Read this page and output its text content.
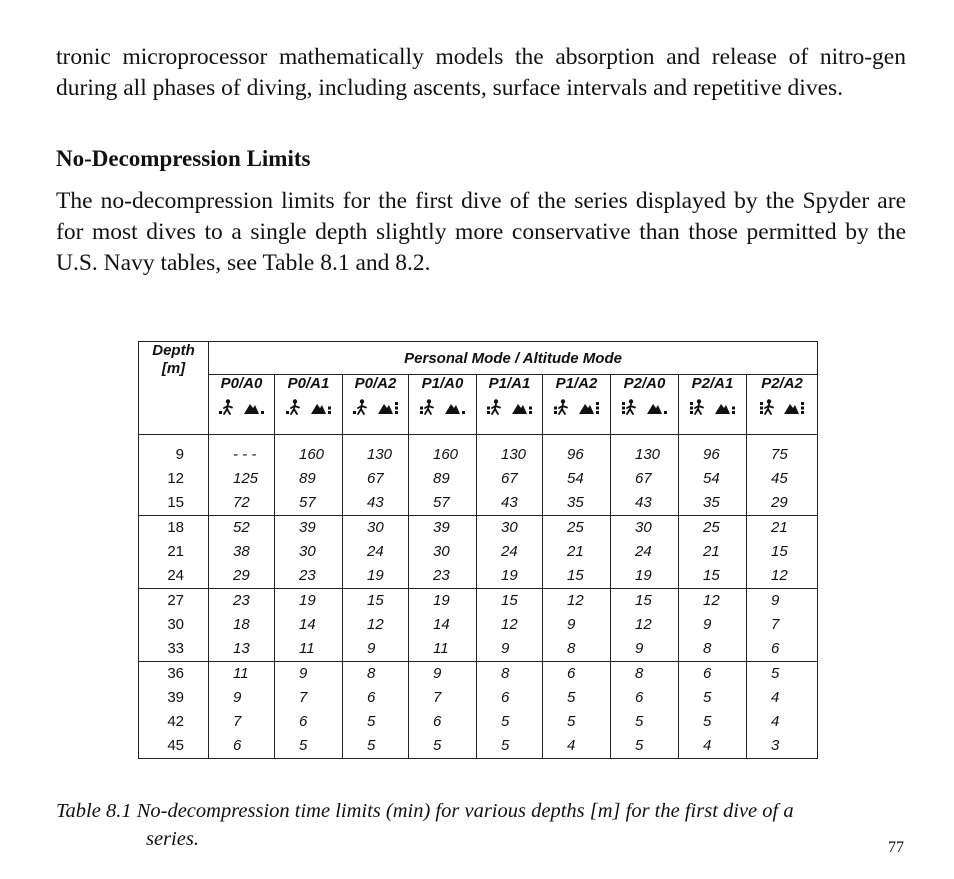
tronic microprocessor mathematically models the absorption and release of nitro-gen during all phases of diving, including ascents, surface intervals and repetitive dives.

No-Decompression Limits

The no-decompression limits for the first dive of the series displayed by the Spyder are for most dives to a single depth slightly more conservative than those permitted by the U.S. Navy tables, see Table 8.1 and 8.2.

Depth
[m]	Personal Mode / Altitude Mode								

	P0/A0	P0/A1	P0/A2	P1/A0	P1/A1	P1/A2	P2/A0	P2/A1	P2/A2

9	- - -	160	130	160	130	96	130	96	75
12	125	89	67	89	67	54	67	54	45
15	72	57	43	57	43	35	43	35	29
18	52	39	30	39	30	25	30	25	21
21	38	30	24	30	24	21	24	21	15
24	29	23	19	23	19	15	19	15	12
27	23	19	15	19	15	12	15	12	9
30	18	14	12	14	12	9	12	9	7
33	13	11	9	11	9	8	9	8	6
36	11	9	8	9	8	6	8	6	5
39	9	7	6	7	6	5	6	5	4
42	7	6	5	6	5	5	5	5	4
45	6	5	5	5	5	4	5	4	3

Table 8.1 No-decompression time limits (min) for various depths [m] for the first dive of a
series.	77
